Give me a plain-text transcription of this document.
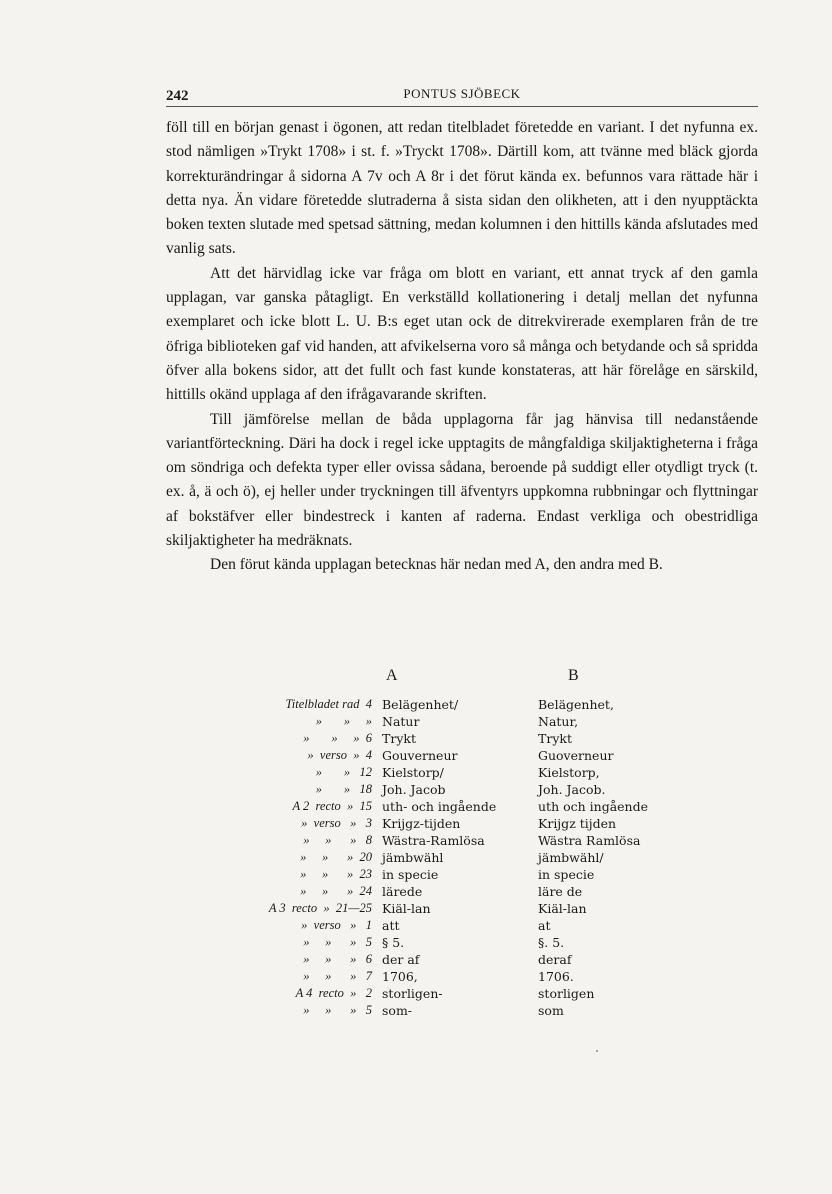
242	PONTUS SJÖBECK

föll till en början genast i ögonen, att redan titelbladet företedde en variant. I det nyfunna ex. stod nämligen »Trykt 1708» i st. f. »Tryckt 1708». Därtill kom, att tvänne med bläck gjorda korrekturändringar å sidorna A 7v och A 8r i det förut kända ex. befunnos vara rättade här i detta nya. Än vidare företedde slutraderna å sista sidan den olikheten, att i den nyupptäckta boken texten slutade med spetsad sättning, medan kolumnen i den hittills kända afslutades med vanlig sats.

Att det härvidlag icke var fråga om blott en variant, ett annat tryck af den gamla upplagan, var ganska påtagligt. En verkställd kollationering i detalj mellan det nyfunna exemplaret och icke blott L. U. B:s eget utan ock de ditrekvirerade exemplaren från de tre öfriga biblioteken gaf vid handen, att afvikelserna voro så många och betydande och så spridda öfver alla bokens sidor, att det fullt och fast kunde konstateras, att här förelåge en särskild, hittills okänd upplaga af den ifrågavarande skriften.

Till jämförelse mellan de båda upplagorna får jag hänvisa till nedanstående variantförteckning. Däri ha dock i regel icke upptagits de mångfaldiga skiljaktigheterna i fråga om söndriga och defekta typer eller ovissa sådana, beroende på suddigt eller otydligt tryck (t. ex. å, ä och ö), ej heller under tryckningen till äfventyrs uppkomna rubbningar och flyttningar af bokstäfver eller bindestreck i kanten af raderna. Endast verkliga och obestridliga skiljaktigheter ha medräknats.

Den förut kända upplagan betecknas här nedan med A, den andra med B.

A	B
Titelbladet rad  4 Belägenhet/	Belägenhet,
»       »     » Natur	Natur,
»       »     »  6 Trykt	Trykt
»  verso  »  4 Gouverneur	Guoverneur
»       »   12 Kielstorp/	Kielstorp,
»       »   18 Joh. Jacob	Joh. Jacob.
A 2  recto  »  15 uth- och ingående	uth och ingående
»  verso   »   3 Krijgz-tijden	Krijgz tijden
»     »      »   8 Wästra-Ramlösa	Wästra Ramlösa
»     »      »  20 jämbwähl	jämbwähl/
»     »      »  23 in specie	in specie
»     »      »  24 lärede	läre de
A 3  recto  »  21—25 Kiäl-lan	Kiäl-lan
»  verso   »   1 att	at
»     »      »   5 § 5.	§. 5.
»     »      »   6 der af	deraf
»     »      »   7 1706,	1706.
A 4  recto  »   2 storligen-	storligen
»     »      »   5 som-	som
